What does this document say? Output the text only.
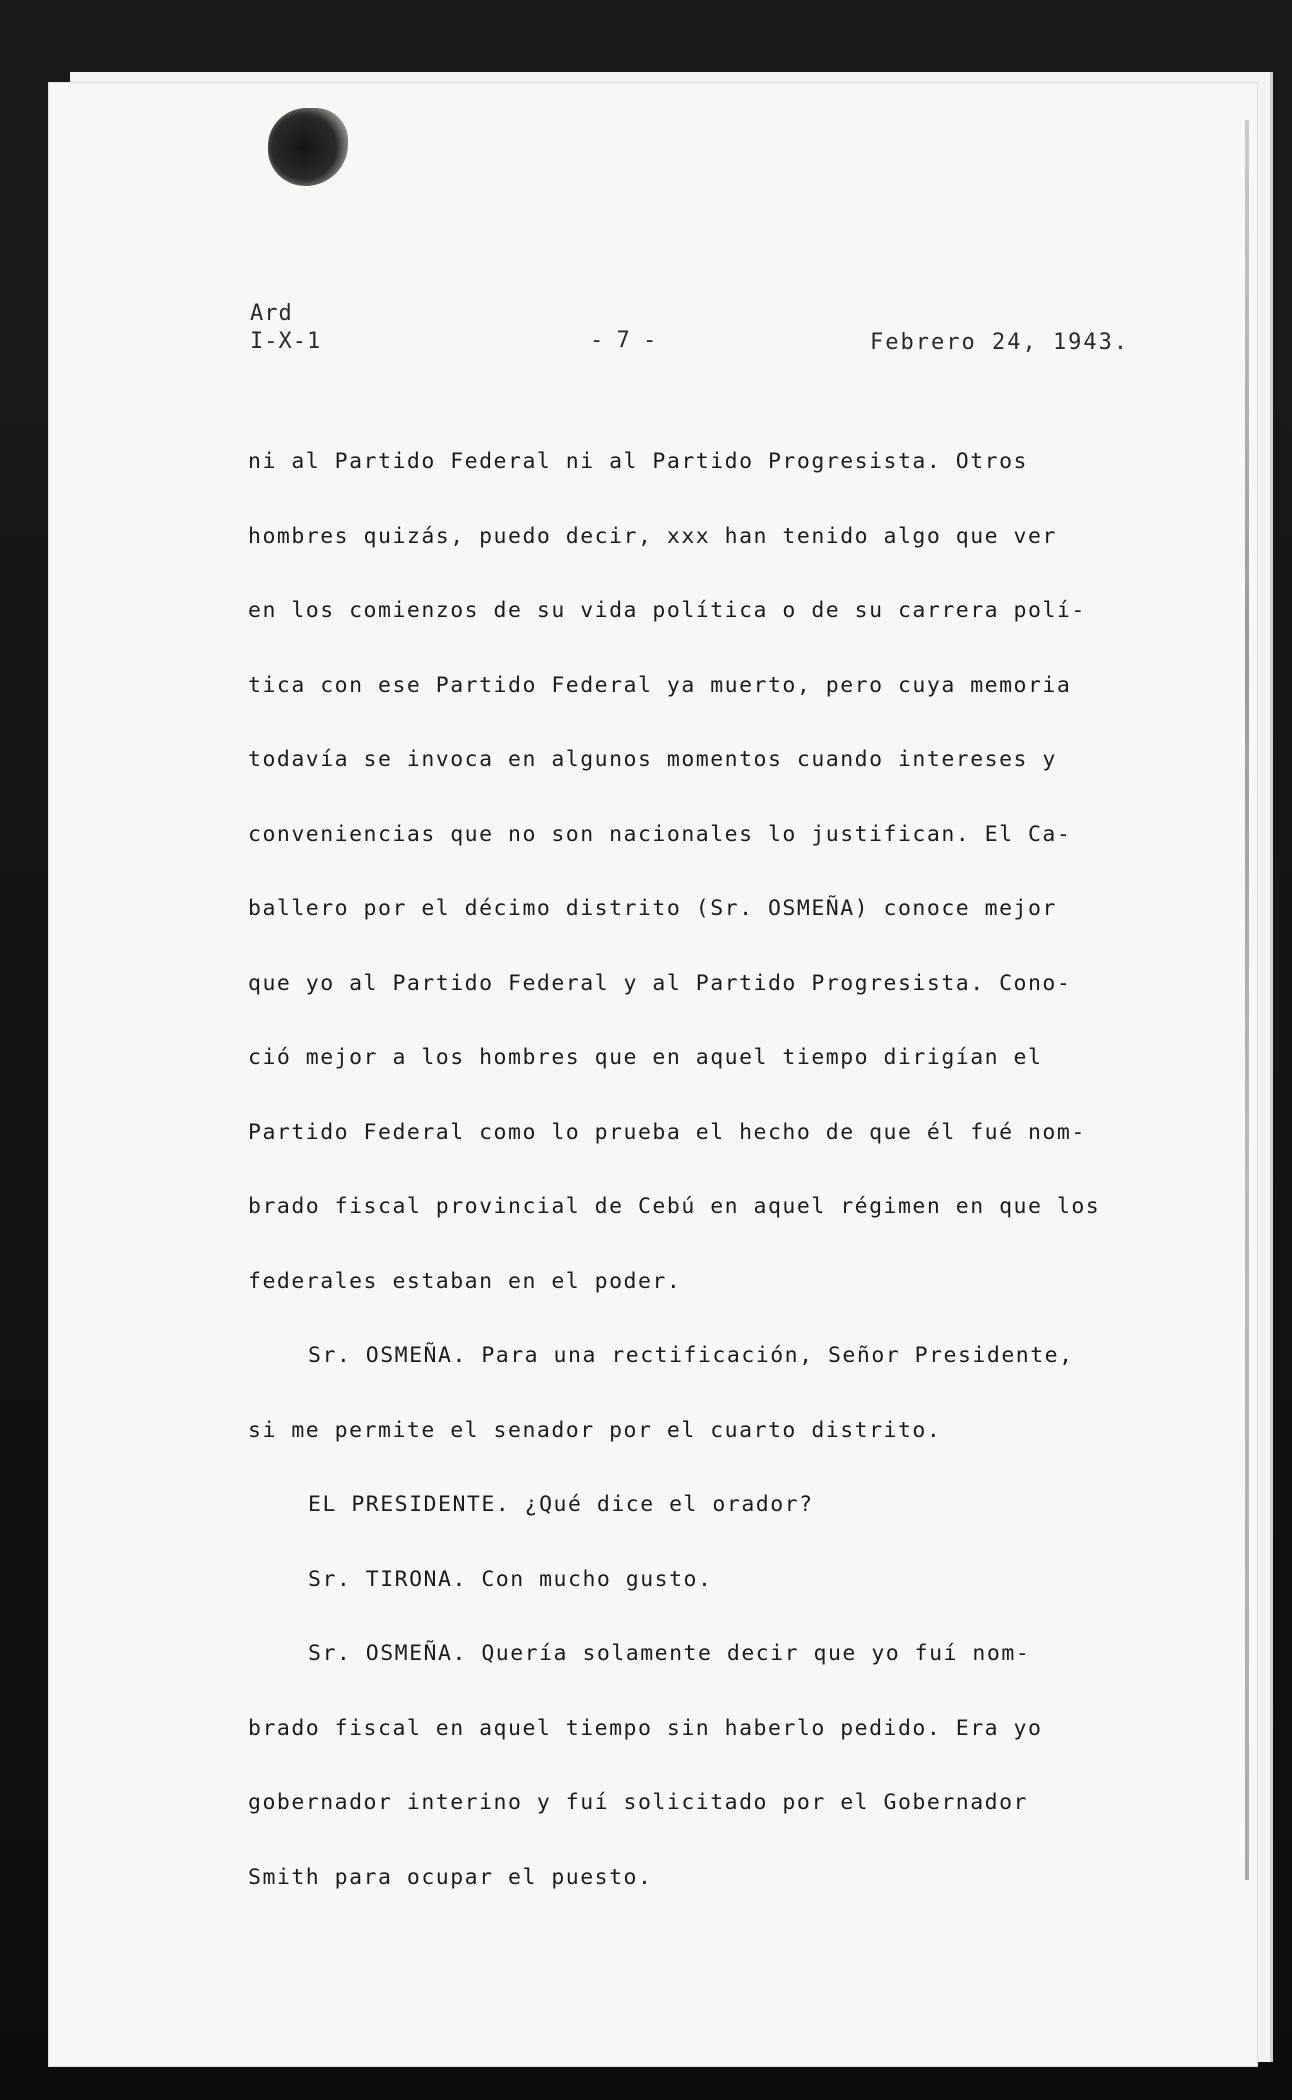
Ard
I-X-1	- 7 -	Febrero 24, 1943.
ni al Partido Federal ni al Partido Progresista. Otros
hombres quizás, puedo decir, xxx han tenido algo que ver
en los comienzos de su vida política o de su carrera polí-
tica con ese Partido Federal ya muerto, pero cuya memoria
todavía se invoca en algunos momentos cuando intereses y
conveniencias que no son nacionales lo justifican. El Ca-
ballero por el décimo distrito (Sr. OSMEÑA) conoce mejor
que yo al Partido Federal y al Partido Progresista. Cono-
ció mejor a los hombres que en aquel tiempo dirigían el
Partido Federal como lo prueba el hecho de que él fué nom-
brado fiscal provincial de Cebú en aquel régimen en que los
federales estaban en el poder.
Sr. OSMEÑA. Para una rectificación, Señor Presidente,
si me permite el senador por el cuarto distrito.
EL PRESIDENTE. ¿Qué dice el orador?
Sr. TIRONA. Con mucho gusto.
Sr. OSMEÑA. Quería solamente decir que yo fuí nom-
brado fiscal en aquel tiempo sin haberlo pedido. Era yo
gobernador interino y fuí solicitado por el Gobernador
Smith para ocupar el puesto.
